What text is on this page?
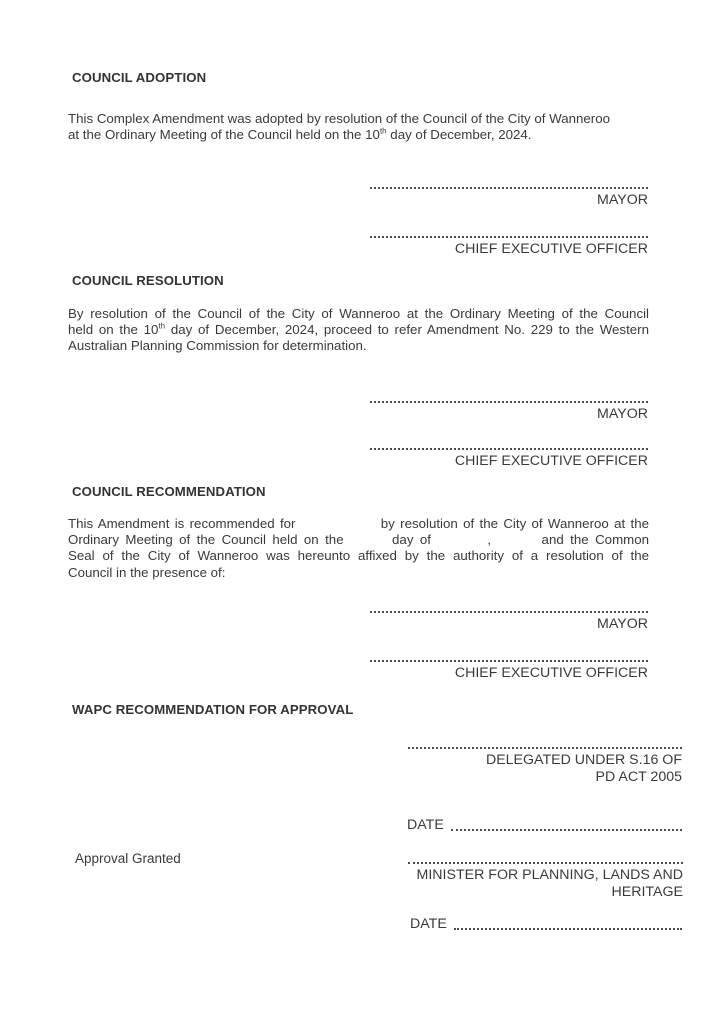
COUNCIL ADOPTION
This Complex Amendment was adopted by resolution of the Council of the City of Wanneroo
at the Ordinary Meeting of the Council held on the 10th day of December, 2024.
MAYOR
CHIEF EXECUTIVE OFFICER
COUNCIL RESOLUTION
By resolution of the Council of the City of Wanneroo at the Ordinary Meeting of the Council
held on the 10th day of December, 2024, proceed to refer Amendment No. 229 to the Western
Australian Planning Commission for determination.
MAYOR
CHIEF EXECUTIVE OFFICER
COUNCIL RECOMMENDATION
This Amendment is recommended for	by resolution of the City of Wanneroo at the
Ordinary Meeting of the Council held on the	day of	,	and the Common
Seal of the City of Wanneroo was hereunto affixed by the authority of a resolution of the
Council in the presence of:
MAYOR
CHIEF EXECUTIVE OFFICER
WAPC RECOMMENDATION FOR APPROVAL
DELEGATED UNDER S.16 OF
PD ACT 2005
DATE
Approval Granted
MINISTER FOR PLANNING, LANDS AND
HERITAGE
DATE
